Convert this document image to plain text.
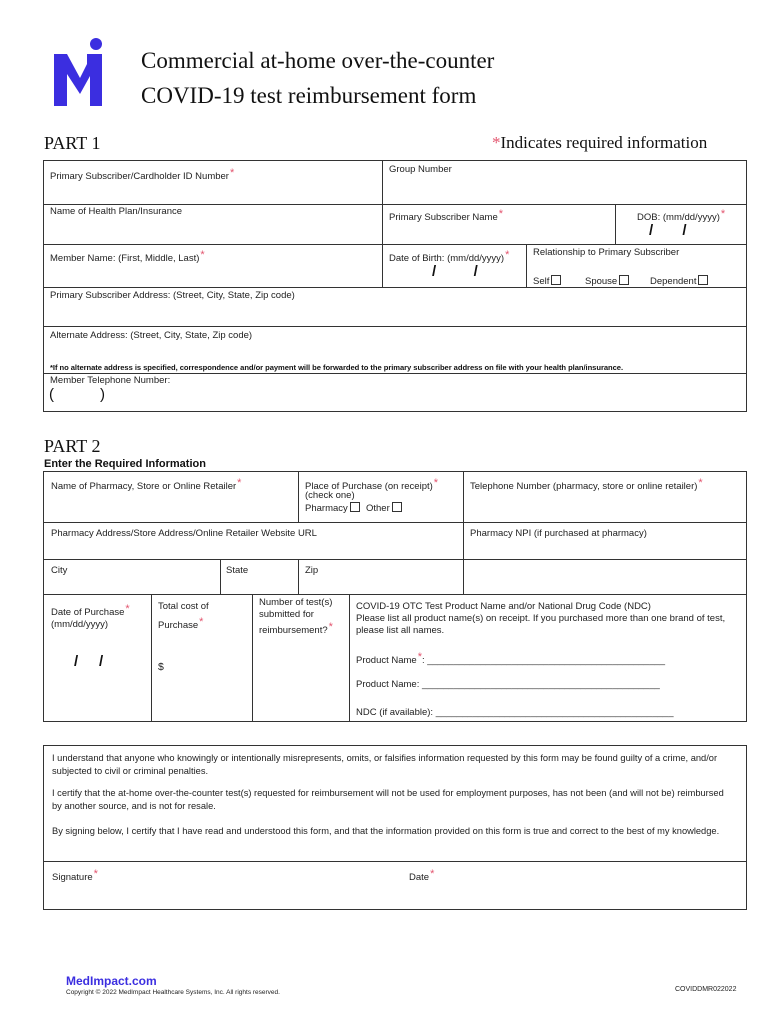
Commercial at-home over-the-counter
COVID-19 test reimbursement form
PART 1	*Indicates required information
Primary Subscriber/Cardholder ID Number*	Group Number
Name of Health Plan/Insurance
Primary Subscriber Name*	DOB: (mm/dd/yyyy)*
/       /
Member Name: (First, Middle, Last)*	Date of Birth: (mm/dd/yyyy)*
/         /
Relationship to Primary Subscriber
Self	Spouse	Dependent
Primary Subscriber Address: (Street, City, State, Zip code)
Alternate Address: (Street, City, State, Zip code)
*If no alternate address is specified, correspondence and/or payment will be forwarded to the primary subscriber address on file with your health plan/insurance.
Member Telephone Number:
(	)
PART 2
Enter the Required Information
Name of Pharmacy, Store or Online Retailer*	Place of Purchase (on receipt)*
(check one)
Pharmacy	Other
Telephone Number (pharmacy, store or online retailer)*
Pharmacy Address/Store Address/Online Retailer Website URL	Pharmacy NPI (if purchased at pharmacy)
City	State	Zip
Date of Purchase*
(mm/dd/yyyy)
/     /
Total cost of
Purchase*
$
Number of test(s)
submitted for
reimbursement?*
COVID-19 OTC Test Product Name and/or National Drug Code (NDC)
Please list all product name(s) on receipt. If you purchased more than one brand of test, please list all names.
Product Name*: _____________________________________________
Product Name: _____________________________________________
NDC (if available): _____________________________________________
I understand that anyone who knowingly or intentionally misrepresents, omits, or falsifies information requested by this form may be found guilty of a crime, and/or subjected to civil or criminal penalties.
I certify that the at-home over-the-counter test(s) requested for reimbursement will not be used for employment purposes, has not been (and will not be) reimbursed by another source, and is not for resale.
By signing below, I certify that I have read and understood this form, and that the information provided on this form is true and correct to the best of my knowledge.
Signature*	Date*
MedImpact.com
Copyright © 2022 MedImpact Healthcare Systems, Inc. All rights reserved.	COVIDDMR022022
